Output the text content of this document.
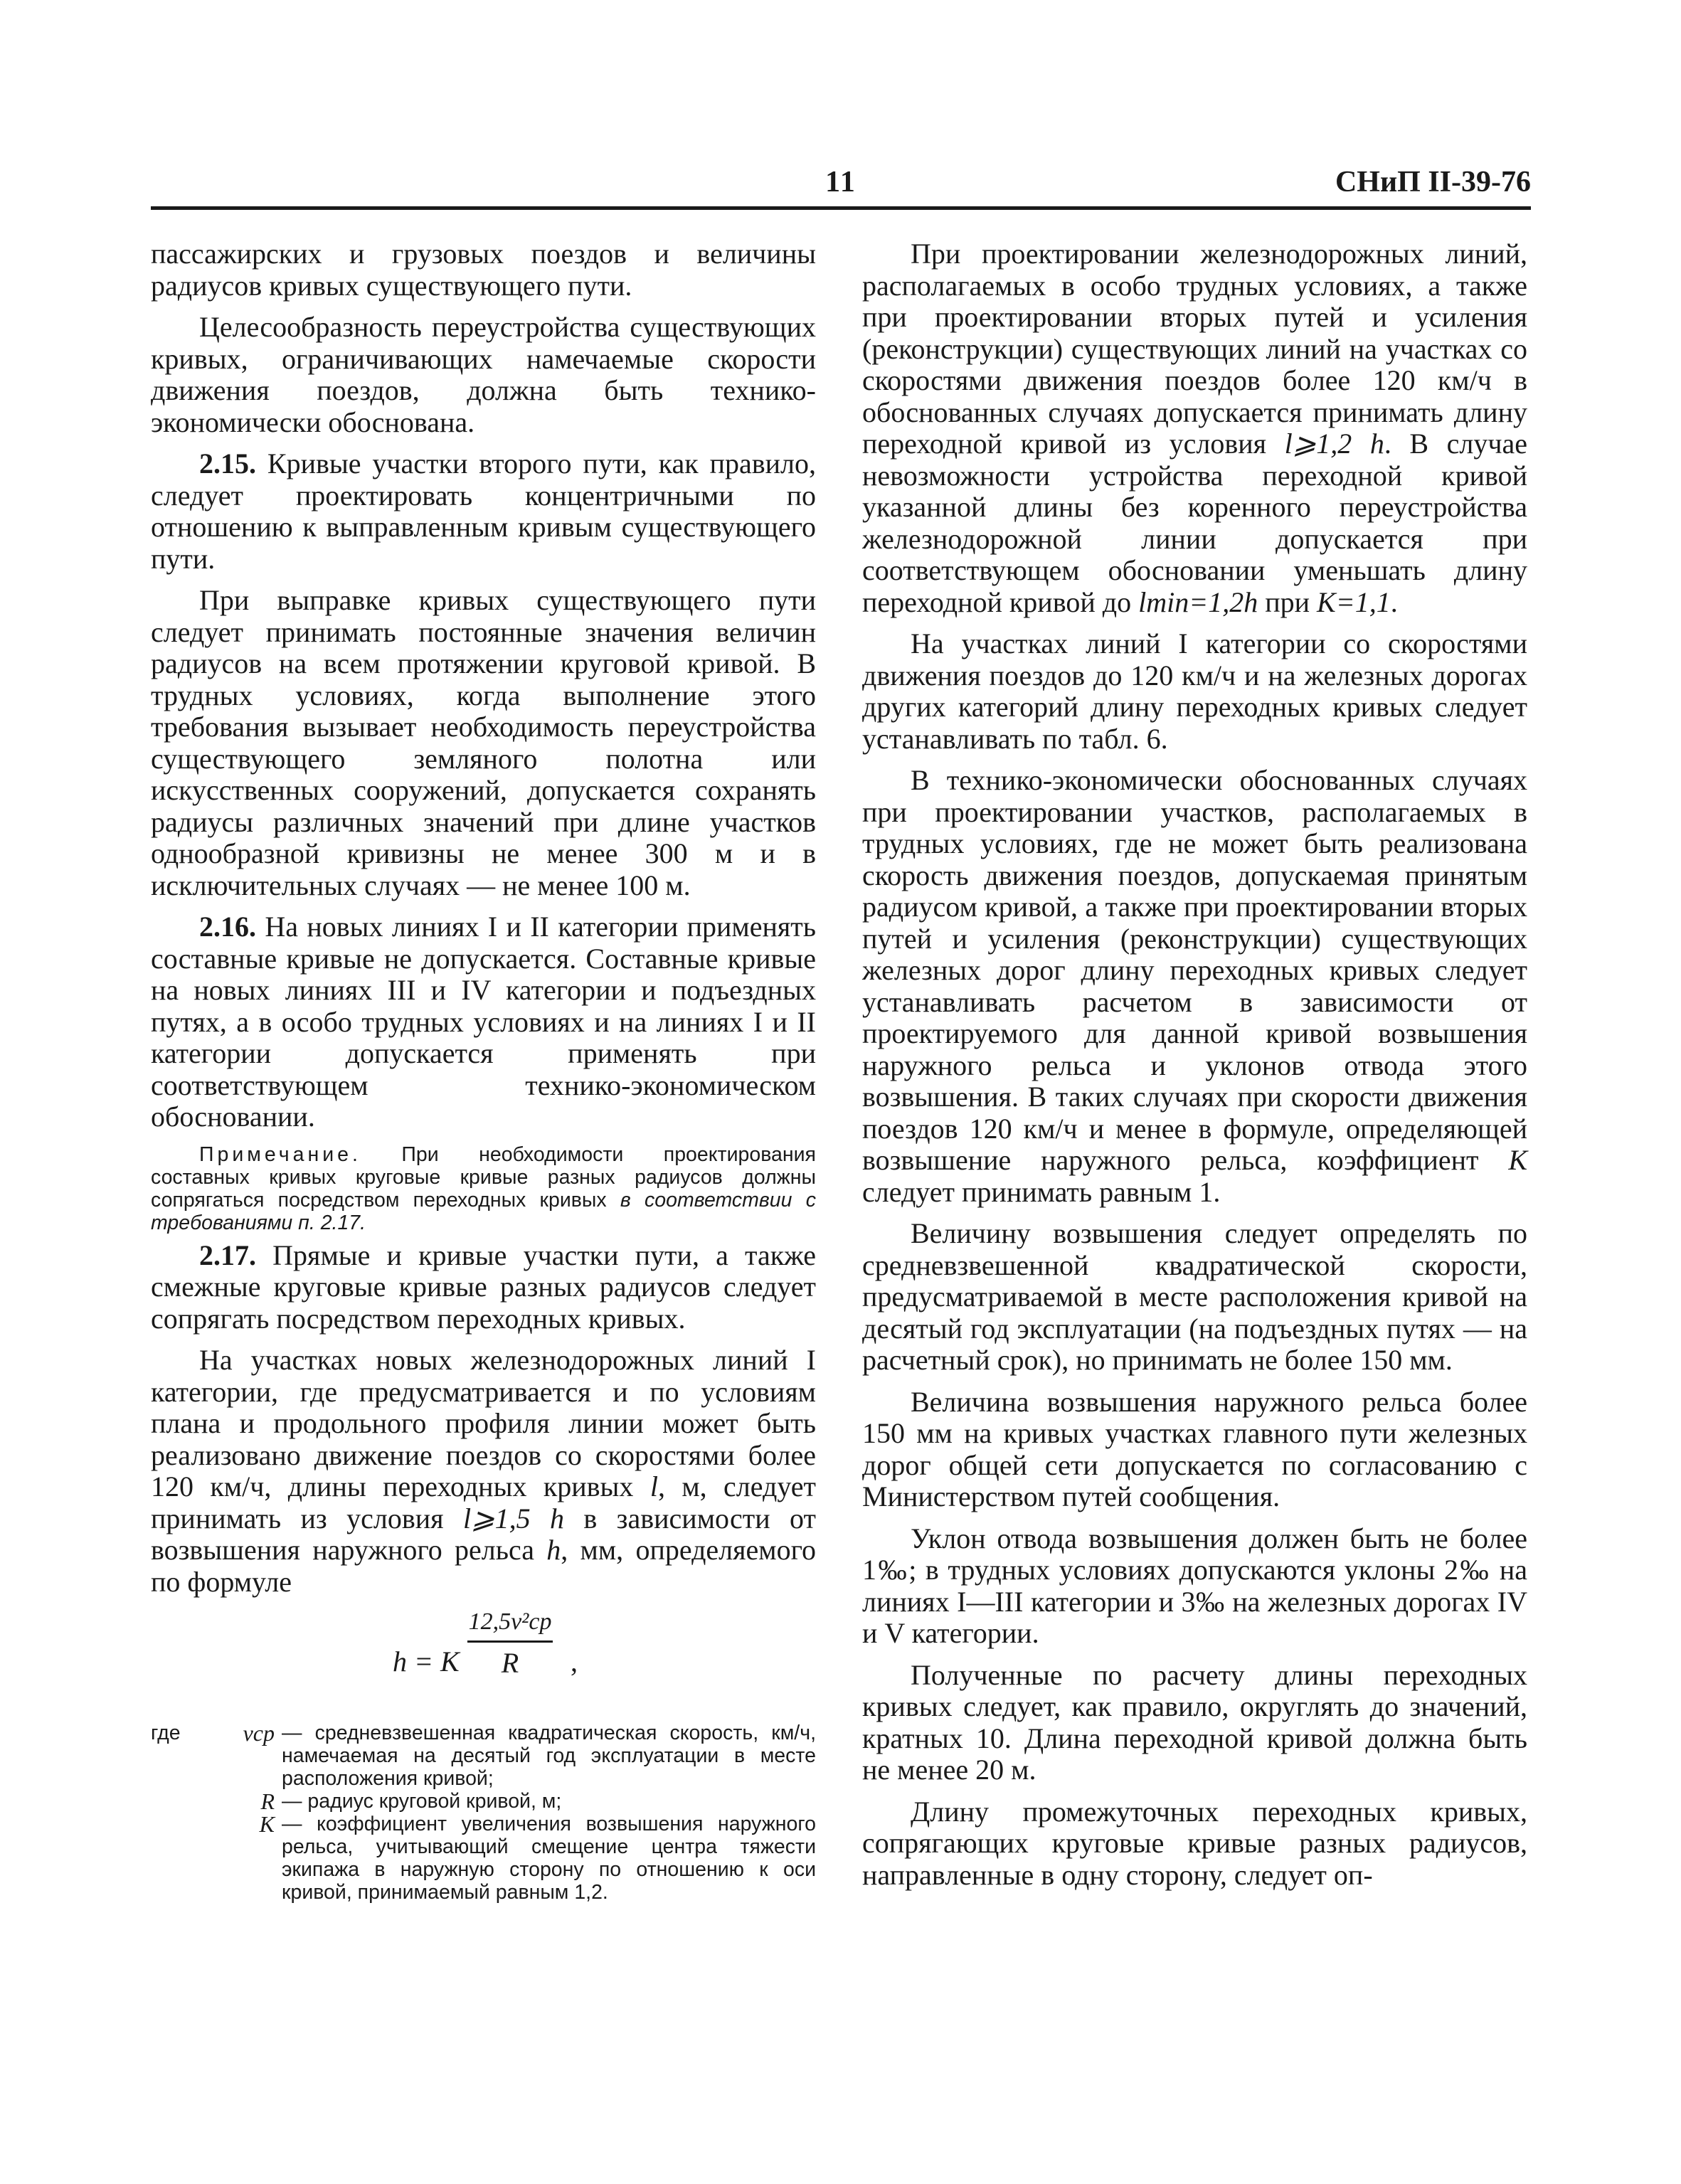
11	СНиП II-39-76

пассажирских и грузовых поездов и величины радиусов кривых существующего пути.

Целесообразность переустройства существующих кривых, ограничивающих намечаемые скорости движения поездов, должна быть технико-экономически обоснована.

2.15. Кривые участки второго пути, как правило, следует проектировать концентричными по отношению к выправленным кривым существующего пути.

При выправке кривых существующего пути следует принимать постоянные значения величин радиусов на всем протяжении круговой кривой. В трудных условиях, когда выполнение этого требования вызывает необходимость переустройства существующего земляного полотна или искусственных сооружений, допускается сохранять радиусы различных значений при длине участков однообразной кривизны не менее 300 м и в исключительных случаях — не менее 100 м.

2.16. На новых линиях I и II категории применять составные кривые не допускается. Составные кривые на новых линиях III и IV категории и подъездных путях, а в особо трудных условиях и на линиях I и II категории допускается применять при соответствующем технико-экономическом обосновании.

Примечание. При необходимости проектирования составных кривых круговые кривые разных радиусов должны сопрягаться посредством переходных кривых в соответствии с требованиями п. 2.17.

2.17. Прямые и кривые участки пути, а также смежные круговые кривые разных радиусов следует сопрягать посредством переходных кривых.

На участках новых железнодорожных линий I категории, где предусматривается и по условиям плана и продольного профиля линии может быть реализовано движение поездов со скоростями более 120 км/ч, длины переходных кривых l, м, следует принимать из условия l⩾1,5 h в зависимости от возвышения наружного рельса h, мм, определяемого по формуле

h = K
12,5v²ср
R	,
где	vср — средневзвешенная квадратическая скорость, км/ч, намечаемая на десятый год эксплуатации в месте расположения кривой;
R — радиус круговой кривой, м;
K — коэффициент увеличения возвышения наружного рельса, учитывающий смещение центра тяжести экипажа в наружную сторону по отношению к оси кривой, принимаемый равным 1,2.

При проектировании железнодорожных линий, располагаемых в особо трудных условиях, а также при проектировании вторых путей и усиления (реконструкции) существующих линий на участках со скоростями движения поездов более 120 км/ч в обоснованных случаях допускается принимать длину переходной кривой из условия l⩾1,2 h. В случае невозможности устройства переходной кривой указанной длины без коренного переустройства железнодорожной линии допускается при соответствующем обосновании уменьшать длину переходной кривой до lmin=1,2h при K=1,1.

На участках линий I категории со скоростями движения поездов до 120 км/ч и на железных дорогах других категорий длину переходных кривых следует устанавливать по табл. 6.

В технико-экономически обоснованных случаях при проектировании участков, располагаемых в трудных условиях, где не может быть реализована скорость движения поездов, допускаемая принятым радиусом кривой, а также при проектировании вторых путей и усиления (реконструкции) существующих железных дорог длину переходных кривых следует устанавливать расчетом в зависимости от проектируемого для данной кривой возвышения наружного рельса и уклонов отвода этого возвышения. В таких случаях при скорости движения поездов 120 км/ч и менее в формуле, определяющей возвышение наружного рельса, коэффициент K следует принимать равным 1.

Величину возвышения следует определять по средневзвешенной квадратической скорости, предусматриваемой в месте расположения кривой на десятый год эксплуатации (на подъездных путях — на расчетный срок), но принимать не более 150 мм.

Величина возвышения наружного рельса более 150 мм на кривых участках главного пути железных дорог общей сети допускается по согласованию с Министерством путей сообщения.

Уклон отвода возвышения должен быть не более 1‰; в трудных условиях допускаются уклоны 2‰ на линиях I—III категории и 3‰ на железных дорогах IV и V категории.

Полученные по расчету длины переходных кривых следует, как правило, округлять до значений, кратных 10. Длина переходной кривой должна быть не менее 20 м.

Длину промежуточных переходных кривых, сопрягающих круговые кривые разных радиусов, направленные в одну сторону, следует оп-
